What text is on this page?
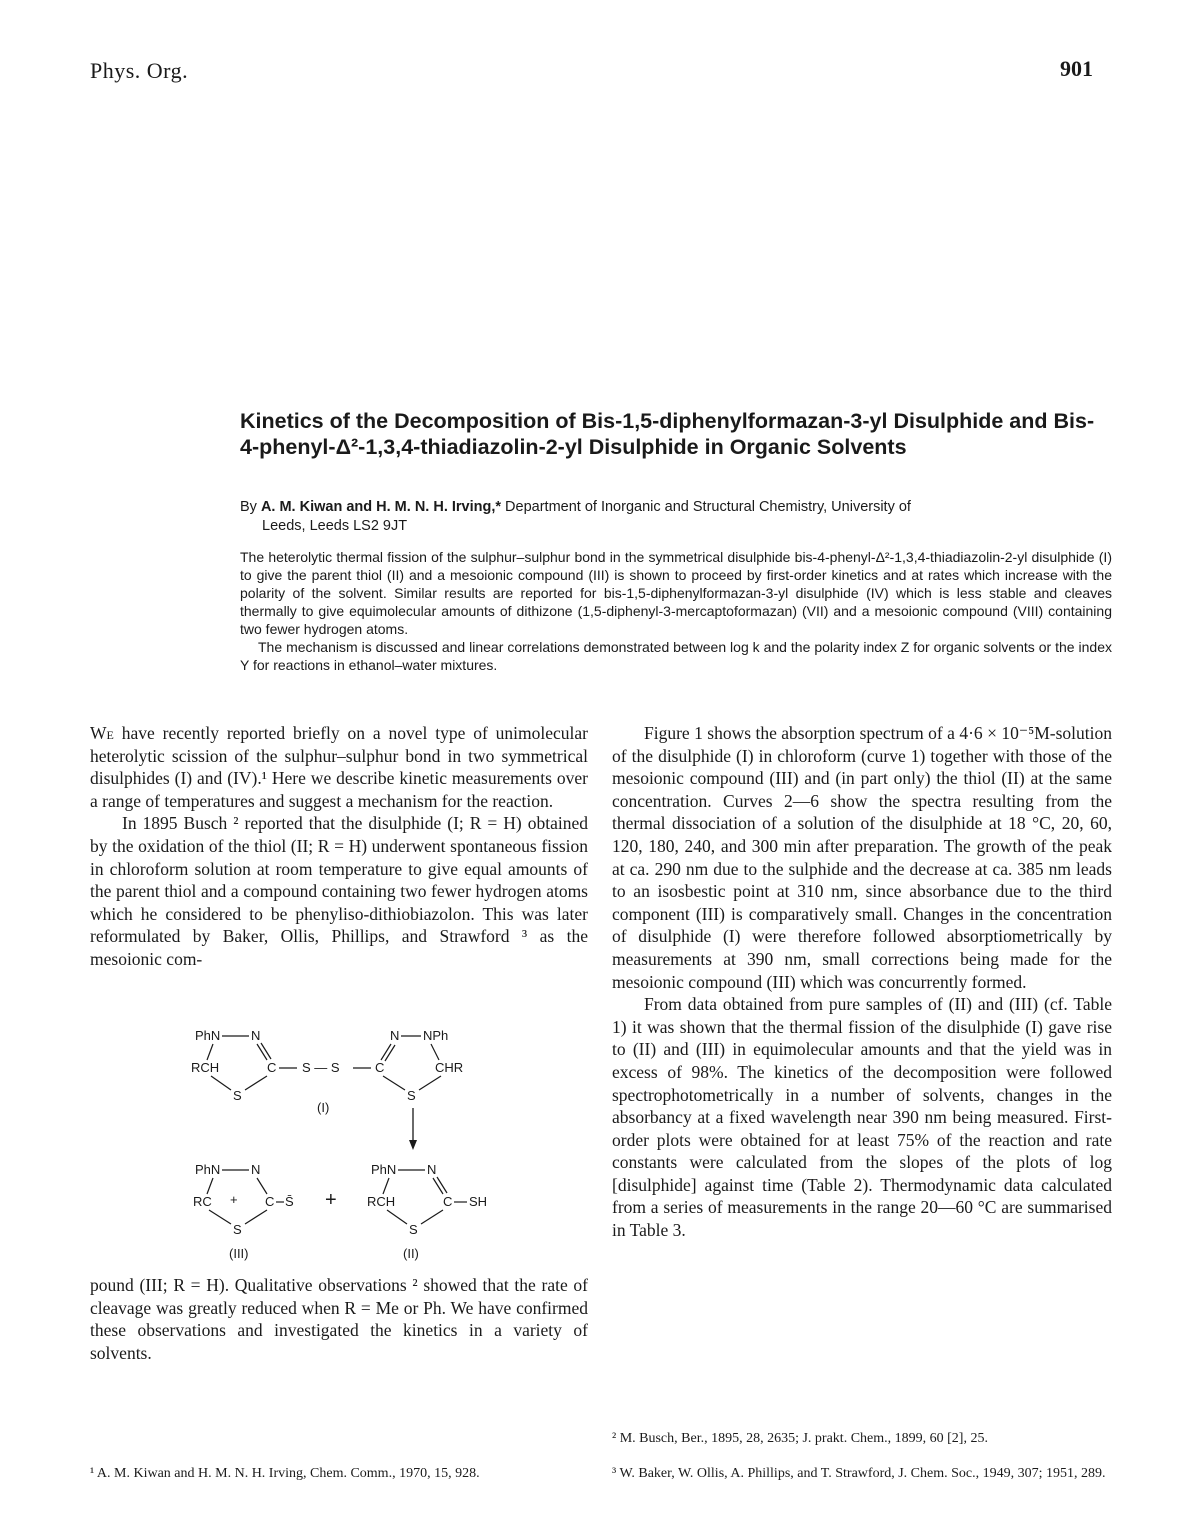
Phys. Org.	901
Kinetics of the Decomposition of Bis-1,5-diphenylformazan-3-yl Disulphide and Bis-4-phenyl-Δ²-1,3,4-thiadiazolin-2-yl Disulphide in Organic Solvents
By A. M. Kiwan and H. M. N. H. Irving,* Department of Inorganic and Structural Chemistry, University of
Leeds, Leeds LS2 9JT

The heterolytic thermal fission of the sulphur–sulphur bond in the symmetrical disulphide bis-4-phenyl-Δ²-1,3,4-thiadiazolin-2-yl disulphide (I) to give the parent thiol (II) and a mesoionic compound (III) is shown to proceed by first-order kinetics and at rates which increase with the polarity of the solvent. Similar results are reported for bis-1,5-diphenylformazan-3-yl disulphide (IV) which is less stable and cleaves thermally to give equimolecular amounts of dithizone (1,5-diphenyl-3-mercaptoformazan) (VII) and a mesoionic compound (VIII) containing two fewer hydrogen atoms.

The mechanism is discussed and linear correlations demonstrated between log k and the polarity index Z for organic solvents or the index Y for reactions in ethanol–water mixtures.

We have recently reported briefly on a novel type of unimolecular heterolytic scission of the sulphur–sulphur bond in two symmetrical disulphides (I) and (IV).¹ Here we describe kinetic measurements over a range of temperatures and suggest a mechanism for the reaction.

In 1895 Busch ² reported that the disulphide (I; R = H) obtained by the oxidation of the thiol (II; R = H) underwent spontaneous fission in chloroform solution at room temperature to give equal amounts of the parent thiol and a compound containing two fewer hydrogen atoms which he considered to be phenyliso-dithiobiazolon. This was later reformulated by Baker, Ollis, Phillips, and Strawford ³ as the mesoionic com-

PhN N
RCH	C
S
S — S	C
N NPh
CHR
S
(I)
PhN N
RC + C S̄
S
(III)
+
PhN N
RCH	C SH
S
(II)

pound (III; R = H). Qualitative observations ² showed that the rate of cleavage was greatly reduced when R = Me or Ph. We have confirmed these observations and investigated the kinetics in a variety of solvents.

Figure 1 shows the absorption spectrum of a 4·6 × 10⁻⁵M-solution of the disulphide (I) in chloroform (curve 1) together with those of the mesoionic compound (III) and (in part only) the thiol (II) at the same concentration. Curves 2—6 show the spectra resulting from the thermal dissociation of a solution of the disulphide at 18 °C, 20, 60, 120, 180, 240, and 300 min after preparation. The growth of the peak at ca. 290 nm due to the sulphide and the decrease at ca. 385 nm leads to an isosbestic point at 310 nm, since absorbance due to the third component (III) is comparatively small. Changes in the concentration of disulphide (I) were therefore followed absorptiometrically by measurements at 390 nm, small corrections being made for the mesoionic compound (III) which was concurrently formed.

From data obtained from pure samples of (II) and (III) (cf. Table 1) it was shown that the thermal fission of the disulphide (I) gave rise to (II) and (III) in equimolecular amounts and that the yield was in excess of 98%. The kinetics of the decomposition were followed spectrophotometrically in a number of solvents, changes in the absorbancy at a fixed wavelength near 390 nm being measured. First-order plots were obtained for at least 75% of the reaction and rate constants were calculated from the slopes of the plots of log [disulphide] against time (Table 2). Thermodynamic data calculated from a series of measurements in the range 20—60 °C are summarised in Table 3.

¹ A. M. Kiwan and H. M. N. H. Irving, Chem. Comm., 1970, 15, 928.
² M. Busch, Ber., 1895, 28, 2635; J. prakt. Chem., 1899, 60 [2], 25.
³ W. Baker, W. Ollis, A. Phillips, and T. Strawford, J. Chem. Soc., 1949, 307; 1951, 289.
